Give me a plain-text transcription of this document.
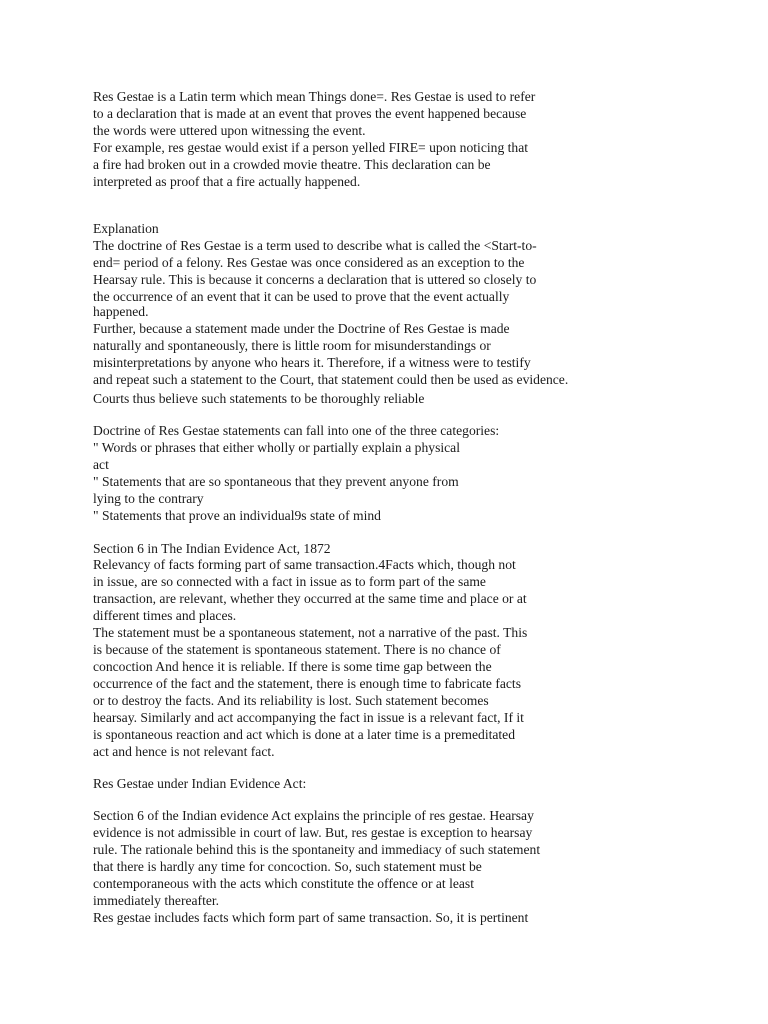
Res Gestae is a Latin term which mean Things done=. Res Gestae is used to refer
to a declaration that is made at an event that proves the event happened because
the words were uttered upon witnessing the event.
For example, res gestae would exist if a person yelled FIRE= upon noticing that
a fire had broken out in a crowded movie theatre. This declaration can be
interpreted as proof that a fire actually happened.
Explanation
The doctrine of Res Gestae is a term used to describe what is called the <Start-to-
end= period of a felony. Res Gestae was once considered as an exception to the
Hearsay rule. This is because it concerns a declaration that is uttered so closely to
the occurrence of an event that it can be used to prove that the event actually
happened.
Further, because a statement made under the Doctrine of Res Gestae is made
naturally and spontaneously, there is little room for misunderstandings or
misinterpretations by anyone who hears it. Therefore, if a witness were to testify
and repeat such a statement to the Court, that statement could then be used as evidence.
Courts thus believe such statements to be thoroughly reliable
Doctrine of Res Gestae statements can fall into one of the three categories:
" Words or phrases that either wholly or partially explain a physical
act
" Statements that are so spontaneous that they prevent anyone from
lying to the contrary
" Statements that prove an individual9s state of mind
Section 6 in The Indian Evidence Act, 1872
Relevancy of facts forming part of same transaction.4Facts which, though not
in issue, are so connected with a fact in issue as to form part of the same
transaction, are relevant, whether they occurred at the same time and place or at
different times and places.
The statement must be a spontaneous statement, not a narrative of the past. This
is because of the statement is spontaneous statement. There is no chance of
concoction And hence it is reliable. If there is some time gap between the
occurrence of the fact and the statement, there is enough time to fabricate facts
or to destroy the facts. And its reliability is lost. Such statement becomes
hearsay. Similarly and act accompanying the fact in issue is a relevant fact, If it
is spontaneous reaction and act which is done at a later time is a premeditated
act and hence is not relevant fact.
Res Gestae under Indian Evidence Act:
Section 6 of the Indian evidence Act explains the principle of res gestae. Hearsay
evidence is not admissible in court of law. But, res gestae is exception to hearsay
rule. The rationale behind this is the spontaneity and immediacy of such statement
that there is hardly any time for concoction. So, such statement must be
contemporaneous with the acts which constitute the offence or at least
immediately thereafter.
Res gestae includes facts which form part of same transaction. So, it is pertinent
